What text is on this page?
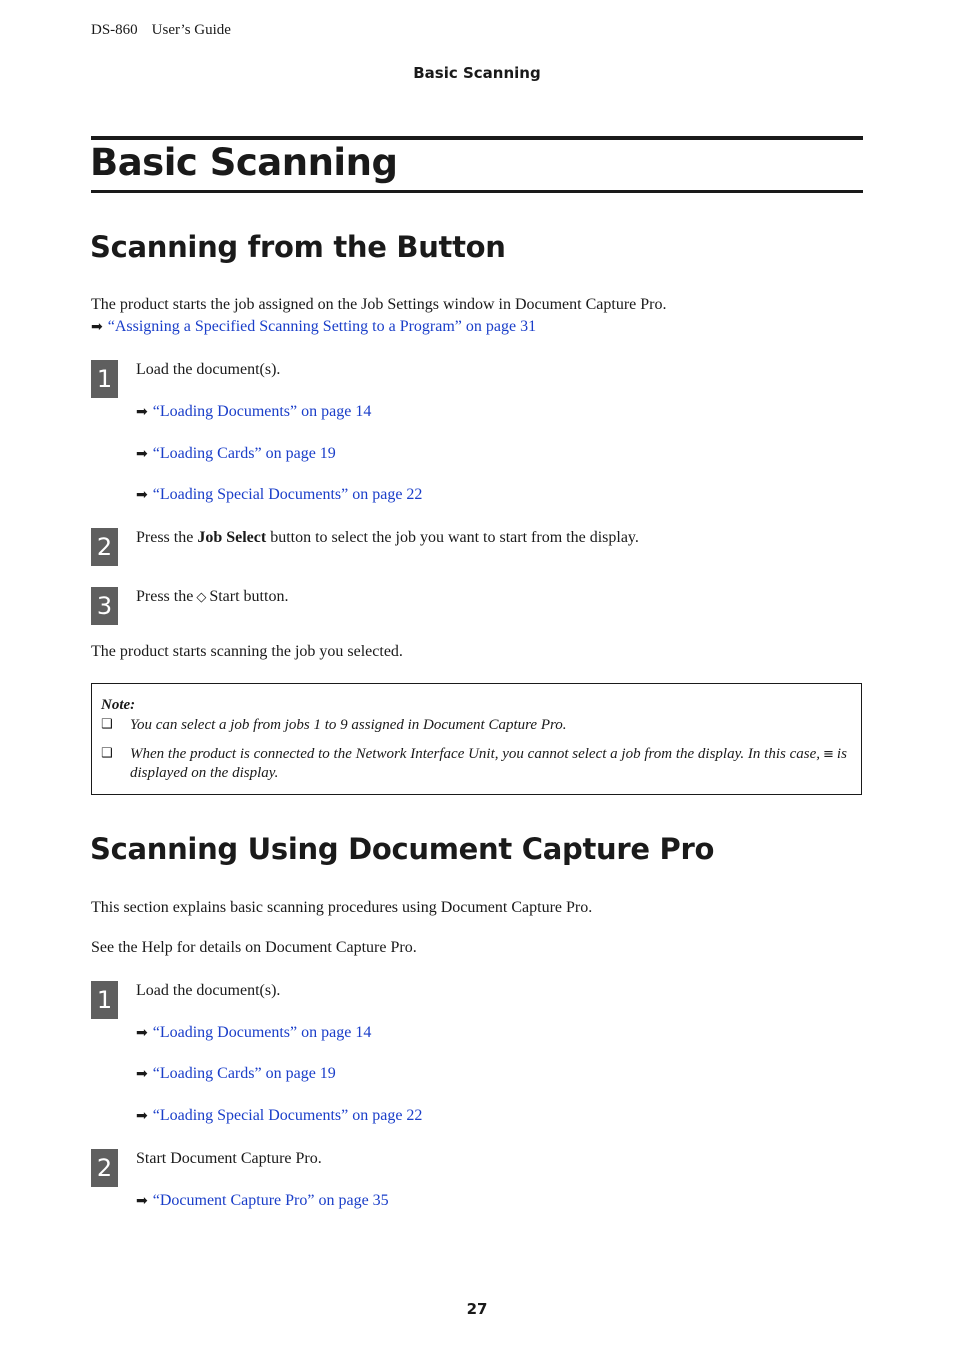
DS-860 User’s Guide
Basic Scanning
Basic Scanning
Scanning from the Button
The product starts the job assigned on the Job Settings window in Document Capture Pro.
➡ “Assigning a Specified Scanning Setting to a Program” on page 31
1	Load the document(s).
➡ “Loading Documents” on page 14
➡ “Loading Cards” on page 19
➡ “Loading Special Documents” on page 22
2	Press the Job Select button to select the job you want to start from the display.
3	Press the ◇ Start button.
The product starts scanning the job you selected.
Note:
❑ You can select a job from jobs 1 to 9 assigned in Document Capture Pro.
❑ When the product is connected to the Network Interface Unit, you cannot select a job from the display. In this case, ≡ is displayed on the display.
Scanning Using Document Capture Pro
This section explains basic scanning procedures using Document Capture Pro.
See the Help for details on Document Capture Pro.
1	Load the document(s).
➡ “Loading Documents” on page 14
➡ “Loading Cards” on page 19
➡ “Loading Special Documents” on page 22
2	Start Document Capture Pro.
➡ “Document Capture Pro” on page 35
27
